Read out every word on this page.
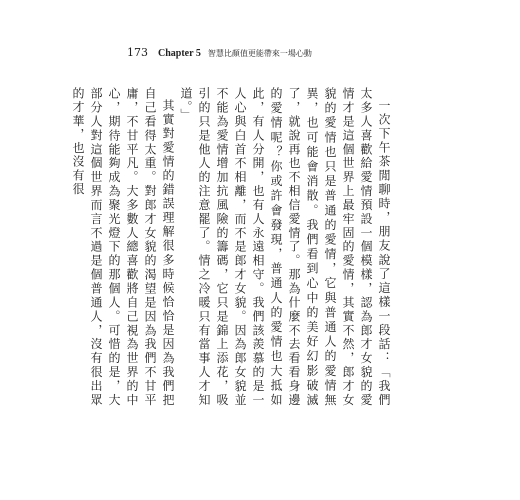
173 Chapter 5 智慧比顏值更能帶來一場心動

一次下午茶閒聊時，朋友說了這樣一段話：「我們太多人喜歡給愛情預設一個模樣，認為郎才女貌的愛情才是這個世界上最牢固的愛情，其實不然，郎才女貌的愛情也只是普通的愛情，它與普通人的愛情無異，也可能會消散。我們看到心中的美好幻影破滅了，就說再也不相信愛情了。那為什麼不去看看身邊的愛情呢？你或許會發現，普通人的愛情也大抵如此，有人分開，也有人永遠相守。我們該羨慕的是一人心與白首不相離，而不是郎才女貌。因為郎女貌並不能為愛情增加抗風險的籌碼，它只是錦上添花，吸引的只是他人的注意罷了。情之冷暖只有當事人才知道。」

其實對愛情的錯誤理解很多時候恰恰是因為我們把自己看得太重。對郎才女貌的渴望是因為我們不甘平庸，不甘平凡。大多數人總喜歡將自己視為世界的中心，期待能夠成為聚光燈下的那個人。可惜的是，大部分人對這個世界而言不過是個普通人，沒有很出眾的才華，也沒有很
